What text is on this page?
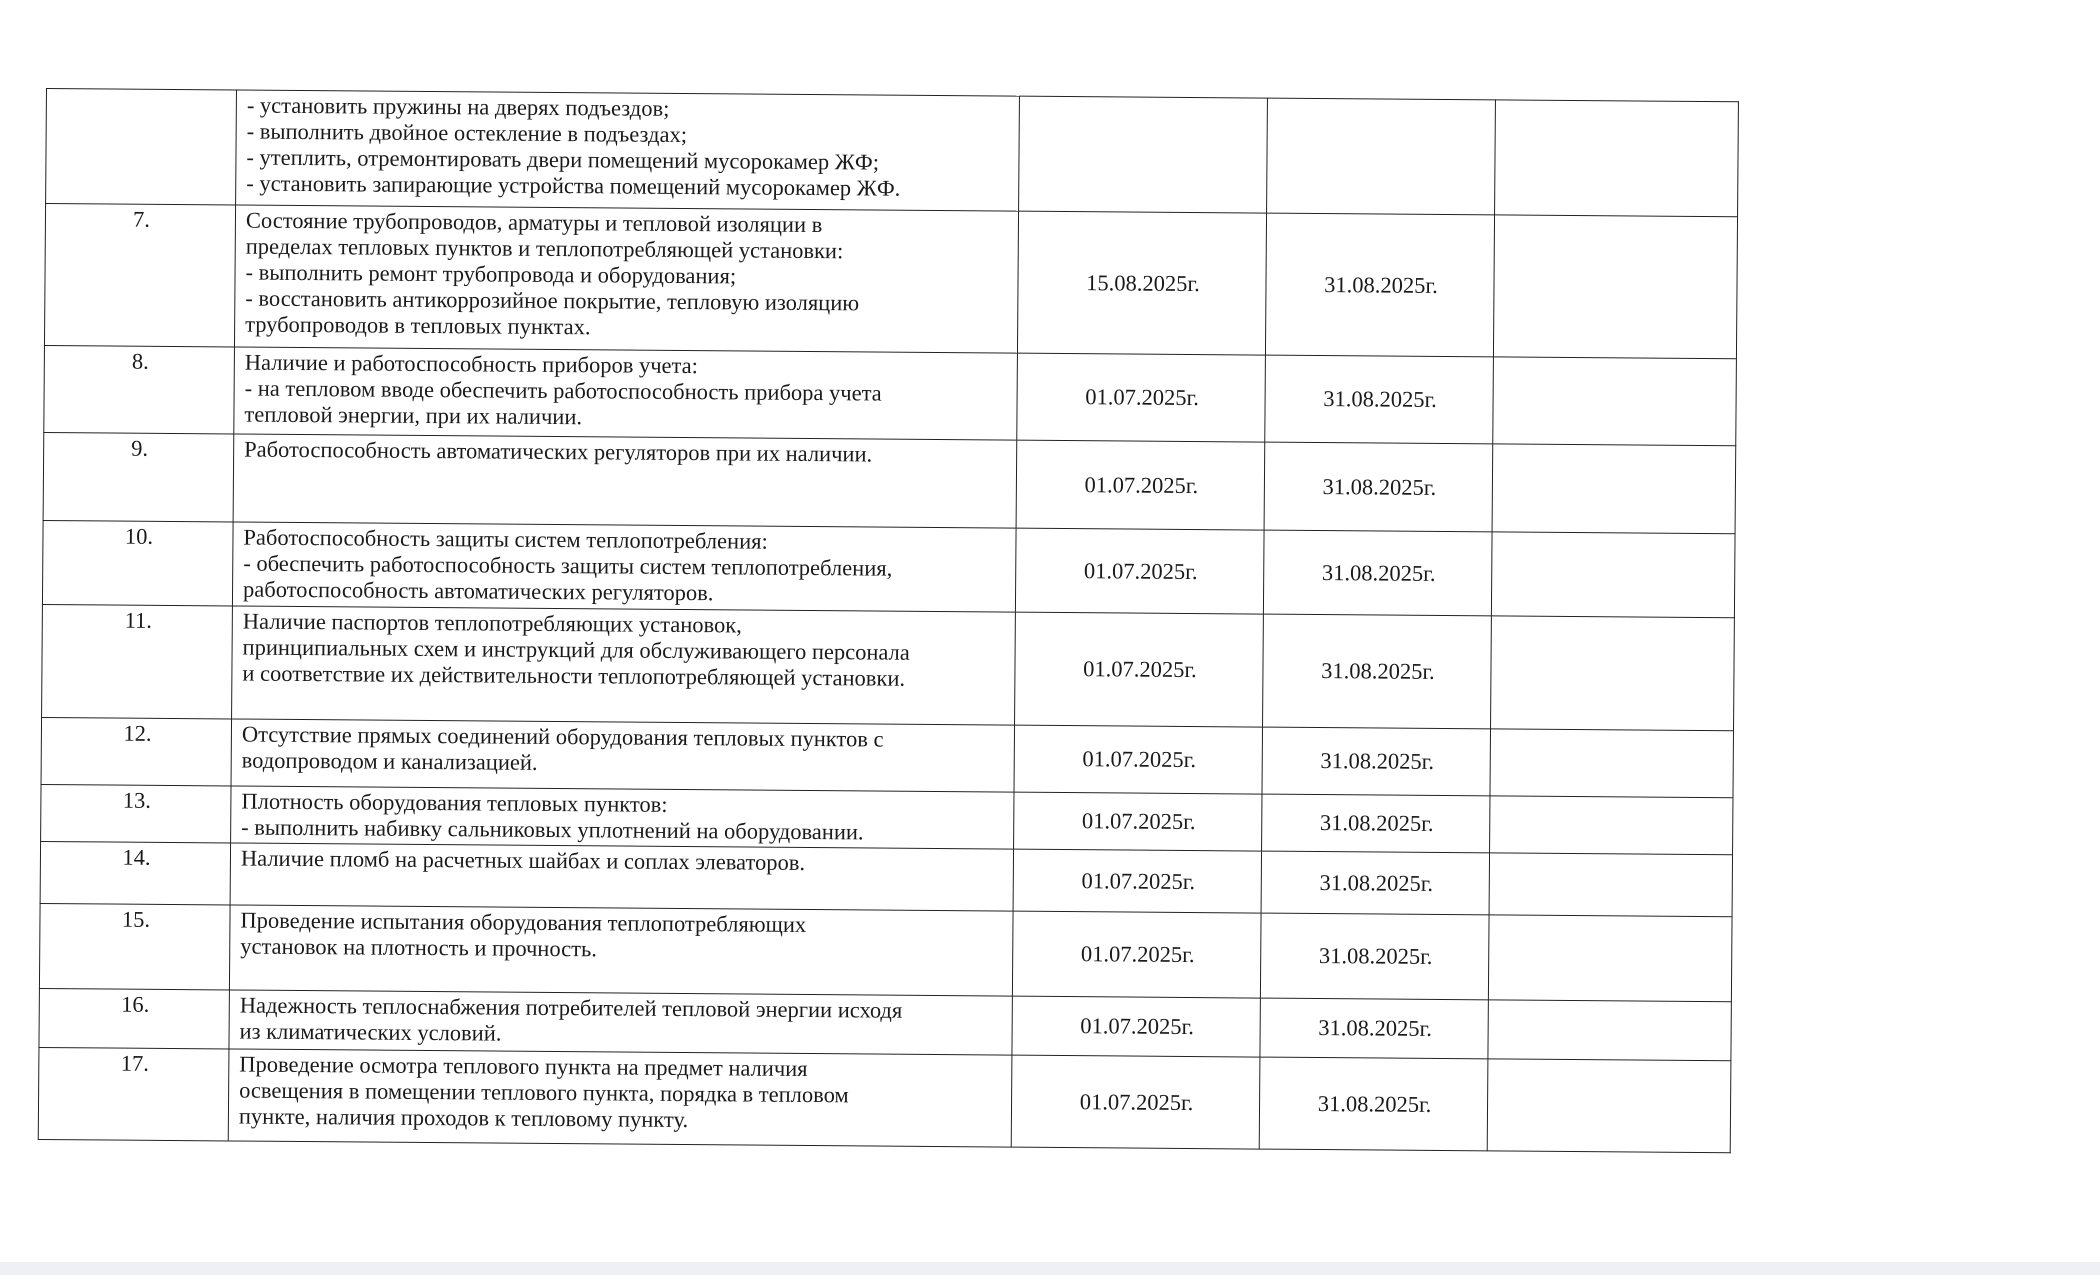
	- установить пружины на дверях подъездов;
- выполнить двойное остекление в подъездах;
- утеплить, отремонтировать двери помещений мусорокамер ЖФ;
- установить запирающие устройства помещений мусорокамер ЖФ.			

7.	Состояние трубопроводов, арматуры и тепловой изоляции в
пределах тепловых пунктов и теплопотребляющей установки:
- выполнить ремонт трубопровода и оборудования;
- восстановить антикоррозийное покрытие, тепловую изоляцию
трубопроводов в тепловых пунктах.	15.08.2025г.	31.08.2025г.	
8.	Наличие и работоспособность приборов учета:
- на тепловом вводе обеспечить работоспособность прибора учета
тепловой энергии, при их наличии.	01.07.2025г.	31.08.2025г.	
9.	Работоспособность автоматических регуляторов при их наличии.	01.07.2025г.	31.08.2025г.	
10.	Работоспособность защиты систем теплопотребления:
- обеспечить работоспособность защиты систем теплопотребления,
работоспособность автоматических регуляторов.	01.07.2025г.	31.08.2025г.	
11.	Наличие паспортов теплопотребляющих установок,
принципиальных схем и инструкций для обслуживающего персонала
и соответствие их действительности теплопотребляющей установки.	01.07.2025г.	31.08.2025г.	
12.	Отсутствие прямых соединений оборудования тепловых пунктов с
водопроводом и канализацией.	01.07.2025г.	31.08.2025г.	
13.	Плотность оборудования тепловых пунктов:
- выполнить набивку сальниковых уплотнений на оборудовании.	01.07.2025г.	31.08.2025г.	
14.	Наличие пломб на расчетных шайбах и соплах элеваторов.	01.07.2025г.	31.08.2025г.	
15.	Проведение испытания оборудования теплопотребляющих
установок на плотность и прочность.	01.07.2025г.	31.08.2025г.	
16.	Надежность теплоснабжения потребителей тепловой энергии исходя
из климатических условий.	01.07.2025г.	31.08.2025г.	
17.	Проведение осмотра теплового пункта на предмет наличия
освещения в помещении теплового пункта, порядка в тепловом
пункте, наличия проходов к тепловому пункту.	01.07.2025г.	31.08.2025г.	
